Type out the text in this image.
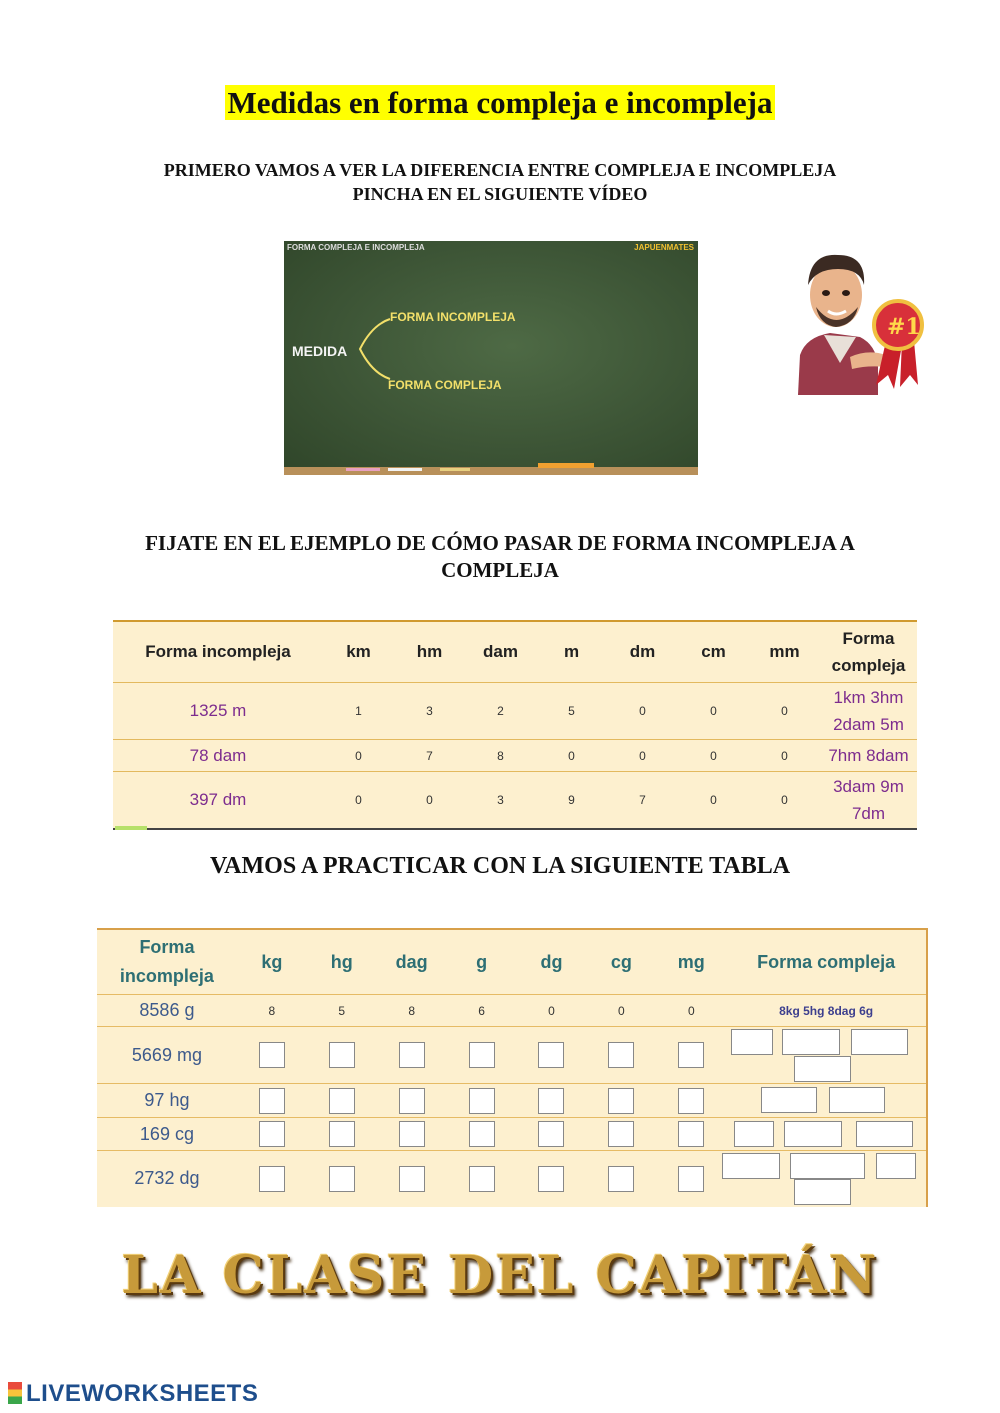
Medidas en forma compleja e incompleja
PRIMERO VAMOS A VER LA DIFERENCIA ENTRE COMPLEJA E INCOMPLEJA
PINCHA EN EL SIGUIENTE VÍDEO
FORMA COMPLEJA E INCOMPLEJA	JAPUENMATES
MEDIDA
FORMA INCOMPLEJA
FORMA COMPLEJA
#1
FIJATE EN EL EJEMPLO DE CÓMO PASAR DE FORMA INCOMPLEJA A
COMPLEJA
Forma incompleja	km	hm	dam	m	dm	cm	mm	Forma
compleja

1325 m	1	3	2	5	0	0	0	1km 3hm
2dam 5m

78 dam	0	7	8	0	0	0	0	7hm 8dam
397 dm	0	0	3	9	7	0	0	3dam 9m
7dm
VAMOS A PRACTICAR CON LA SIGUIENTE TABLA
Forma
incompleja	kg	hg	dag	g	dg	cg	mg	Forma compleja
8586 g	8	5	8	6	0	0	0	8kg 5hg 8dag 6g
5669 mg								

97 hg								

169 cg								

2732 dg								
LA CLASE DEL CAPITÁN
LIVEWORKSHEETS
